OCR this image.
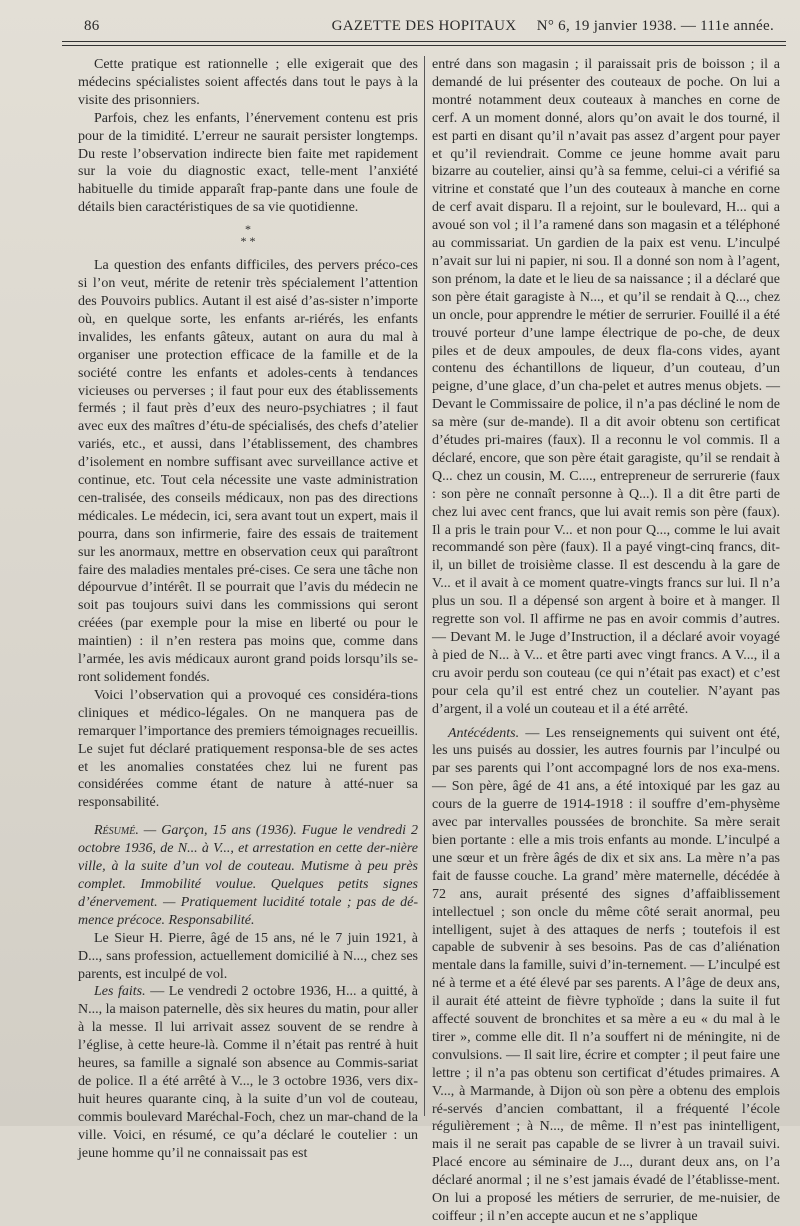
86	GAZETTE DES HOPITAUX	N° 6, 19 janvier 1938. — 111e année.

Cette pratique est rationnelle ; elle exigerait que des médecins spécialistes soient affectés dans tout le pays à la visite des prisonniers.

Parfois, chez les enfants, l’énervement contenu est pris pour de la timidité. L’erreur ne saurait persister longtemps. Du reste l’observation indirecte bien faite met rapidement sur la voie du diagnostic exact, telle-ment l’anxiété habituelle du timide apparaît frap-pante dans une foule de détails bien caractéristiques de sa vie quotidienne.

*
* *

La question des enfants difficiles, des pervers préco-ces si l’on veut, mérite de retenir très spécialement l’attention des Pouvoirs publics. Autant il est aisé d’as-sister n’importe où, en quelque sorte, les enfants ar-riérés, les enfants invalides, les enfants gâteux, autant on aura du mal à organiser une protection efficace de la famille et de la société contre les enfants et adoles-cents à tendances vicieuses ou perverses ; il faut pour eux des établissements fermés ; il faut près d’eux des neuro-psychiatres ; il faut avec eux des maîtres d’étu-de spécialisés, des chefs d’atelier variés, etc., et aussi, dans l’établissement, des chambres d’isolement en nombre suffisant avec surveillance active et continue, etc. Tout cela nécessite une vaste administration cen-tralisée, des conseils médicaux, non pas des directions médicales. Le médecin, ici, sera avant tout un expert, mais il pourra, dans son infirmerie, faire des essais de traitement sur les anormaux, mettre en observation ceux qui paraîtront faire des maladies mentales pré-cises. Ce sera une tâche non dépourvue d’intérêt. Il se pourrait que l’avis du médecin ne soit pas toujours suivi dans les commissions qui seront créées (par exemple pour la mise en liberté ou pour le maintien) : il n’en restera pas moins que, comme dans l’armée, les avis médicaux auront grand poids lorsqu’ils se-ront solidement fondés.

Voici l’observation qui a provoqué ces considéra-tions cliniques et médico-légales. On ne manquera pas de remarquer l’importance des premiers témoignages recueillis. Le sujet fut déclaré pratiquement responsa-ble de ses actes et les anomalies constatées chez lui ne furent pas considérées comme étant de nature à atté-nuer sa responsabilité.

Résumé. — Garçon, 15 ans (1936). Fugue le vendredi 2 octobre 1936, de N... à V..., et arrestation en cette der-nière ville, à la suite d’un vol de couteau. Mutisme à peu près complet. Immobilité voulue. Quelques petits signes d’énervement. — Pratiquement lucidité totale ; pas de dé-mence précoce. Responsabilité.

Le Sieur H. Pierre, âgé de 15 ans, né le 7 juin 1921, à D..., sans profession, actuellement domicilié à N..., chez ses parents, est inculpé de vol.

Les faits. — Le vendredi 2 octobre 1936, H... a quitté, à N..., la maison paternelle, dès six heures du matin, pour aller à la messe. Il lui arrivait assez souvent de se rendre à l’église, à cette heure-là. Comme il n’était pas rentré à huit heures, sa famille a signalé son absence au Commis-sariat de police. Il a été arrêté à V..., le 3 octobre 1936, vers dix-huit heures quarante cinq, à la suite d’un vol de couteau, commis boulevard Maréchal-Foch, chez un mar-chand de la ville. Voici, en résumé, ce qu’a déclaré le coutelier : un jeune homme qu’il ne connaissait pas est

entré dans son magasin ; il paraissait pris de boisson ; il a demandé de lui présenter des couteaux de poche. On lui a montré notamment deux couteaux à manches en corne de cerf. A un moment donné, alors qu’on avait le dos tourné, il est parti en disant qu’il n’avait pas assez d’argent pour payer et qu’il reviendrait. Comme ce jeune homme avait paru bizarre au coutelier, ainsi qu’à sa femme, celui-ci a vérifié sa vitrine et constaté que l’un des couteaux à manche en corne de cerf avait disparu. Il a rejoint, sur le boulevard, H... qui a avoué son vol ; il l’a ramené dans son magasin et a téléphoné au commissariat. Un gardien de la paix est venu. L’inculpé n’avait sur lui ni papier, ni sou. Il a donné son nom à l’agent, son prénom, la date et le lieu de sa naissance ; il a déclaré que son père était garagiste à N..., et qu’il se rendait à Q..., chez un oncle, pour apprendre le métier de serrurier. Fouillé il a été trouvé porteur d’une lampe électrique de po-che, de deux piles et de deux ampoules, de deux fla-cons vides, ayant contenu des échantillons de liqueur, d’un couteau, d’un peigne, d’une glace, d’un cha-pelet et autres menus objets. — Devant le Commissaire de police, il n’a pas décliné le nom de sa mère (sur de-mande). Il a dit avoir obtenu son certificat d’études pri-maires (faux). Il a reconnu le vol commis. Il a déclaré, encore, que son père était garagiste, qu’il se rendait à Q... chez un cousin, M. C...., entrepreneur de serrurerie (faux : son père ne connaît personne à Q...). Il a dit être parti de chez lui avec cent francs, que lui avait remis son père (faux). Il a pris le train pour V... et non pour Q..., comme le lui avait recommandé son père (faux). Il a payé vingt-cinq francs, dit-il, un billet de troisième classe. Il est descendu à la gare de V... et il avait à ce moment quatre-vingts francs sur lui. Il n’a plus un sou. Il a dépensé son argent à boire et à manger. Il regrette son vol. Il affirme ne pas en avoir commis d’autres. — Devant M. le Juge d’Instruction, il a déclaré avoir voyagé à pied de N... à V... et être parti avec vingt francs. A V..., il a cru avoir perdu son couteau (ce qui n’était pas exact) et c’est pour cela qu’il est entré chez un coutelier. N’ayant pas d’argent, il a volé un couteau et il a été arrêté.

Antécédents. — Les renseignements qui suivent ont été, les uns puisés au dossier, les autres fournis par l’inculpé ou par ses parents qui l’ont accompagné lors de nos exa-mens. — Son père, âgé de 41 ans, a été intoxiqué par les gaz au cours de la guerre de 1914-1918 : il souffre d’em-physème avec par intervalles poussées de bronchite. Sa mère serait bien portante : elle a mis trois enfants au monde. L’inculpé a une sœur et un frère âgés de dix et six ans. La mère n’a pas fait de fausse couche. La grand’ mère maternelle, décédée à 72 ans, aurait présenté des signes d’affaiblissement intellectuel ; son oncle du même côté serait anormal, peu intelligent, sujet à des attaques de nerfs ; toutefois il est capable de subvenir à ses besoins. Pas de cas d’aliénation mentale dans la famille, suivi d’in-ternement. — L’inculpé est né à terme et a été élevé par ses parents. A l’âge de deux ans, il aurait été atteint de fièvre typhoïde ; dans la suite il fut affecté souvent de bronchites et sa mère a eu « du mal à le tirer », comme elle dit. Il n’a souffert ni de méningite, ni de convulsions. — Il sait lire, écrire et compter ; il peut faire une lettre ; il n’a pas obtenu son certificat d’études primaires. A V..., à Marmande, à Dijon où son père a obtenu des emplois ré-servés d’ancien combattant, il a fréquenté l’école régulièrement ; à N..., de même. Il n’est pas inintelligent, mais il ne serait pas capable de se livrer à un travail suivi. Placé encore au séminaire de J..., durant deux ans, on l’a déclaré anormal ; il ne s’est jamais évadé de l’établisse-ment. On lui a proposé les métiers de serrurier, de me-nuisier, de coiffeur ; il n’en accepte aucun et ne s’applique
